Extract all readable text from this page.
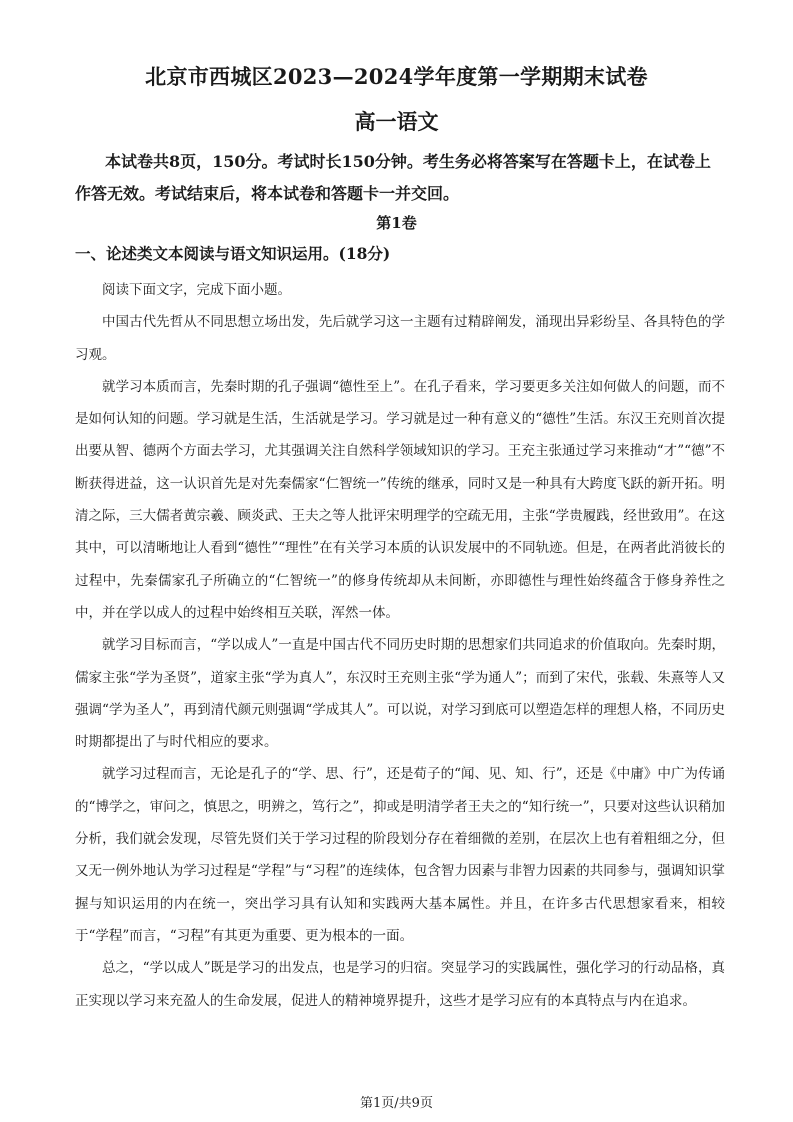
北京市西城区2023—2024学年度第一学期期末试卷
高一语文
本试卷共8页，150分。考试时长150分钟。考生务必将答案写在答题卡上，在试卷上作答无效。考试结束后，将本试卷和答题卡一并交回。
第1卷
一、论述类文本阅读与语文知识运用。(18分)

阅读下面文字，完成下面小题。

中国古代先哲从不同思想立场出发，先后就学习这一主题有过精辟阐发，涌现出异彩纷呈、各具特色的学习观。

就学习本质而言，先秦时期的孔子强调“德性至上”。在孔子看来，学习要更多关注如何做人的问题，而不是如何认知的问题。学习就是生活，生活就是学习。学习就是过一种有意义的“德性”生活。东汉王充则首次提出要从智、德两个方面去学习，尤其强调关注自然科学领域知识的学习。王充主张通过学习来推动“才”“德”不断获得进益，这一认识首先是对先秦儒家“仁智统一”传统的继承，同时又是一种具有大跨度飞跃的新开拓。明清之际，三大儒者黄宗羲、顾炎武、王夫之等人批评宋明理学的空疏无用，主张“学贵履践，经世致用”。在这其中，可以清晰地让人看到“德性”“理性”在有关学习本质的认识发展中的不同轨迹。但是，在两者此消彼长的过程中，先秦儒家孔子所确立的“仁智统一”的修身传统却从未间断，亦即德性与理性始终蕴含于修身养性之中，并在学以成人的过程中始终相互关联，浑然一体。

就学习目标而言，“学以成人”一直是中国古代不同历史时期的思想家们共同追求的价值取向。先秦时期，儒家主张“学为圣贤”，道家主张“学为真人”，东汉时王充则主张“学为通人”；而到了宋代，张载、朱熹等人又强调“学为圣人”，再到清代颜元则强调“学成其人”。可以说，对学习到底可以塑造怎样的理想人格，不同历史时期都提出了与时代相应的要求。

就学习过程而言，无论是孔子的“学、思、行”，还是荀子的“闻、见、知、行”，还是《中庸》中广为传诵的“博学之，审问之，慎思之，明辨之，笃行之”，抑或是明清学者王夫之的“知行统一”，只要对这些认识稍加分析，我们就会发现，尽管先贤们关于学习过程的阶段划分存在着细微的差别，在层次上也有着粗细之分，但又无一例外地认为学习过程是“学程”与“习程”的连续体，包含智力因素与非智力因素的共同参与，强调知识掌握与知识运用的内在统一，突出学习具有认知和实践两大基本属性。并且，在许多古代思想家看来，相较于“学程”而言，“习程”有其更为重要、更为根本的一面。

总之，“学以成人”既是学习的出发点，也是学习的归宿。突显学习的实践属性，强化学习的行动品格，真正实现以学习来充盈人的生命发展，促进人的精神境界提升，这些才是学习应有的本真特点与内在追求。

第1页/共9页
